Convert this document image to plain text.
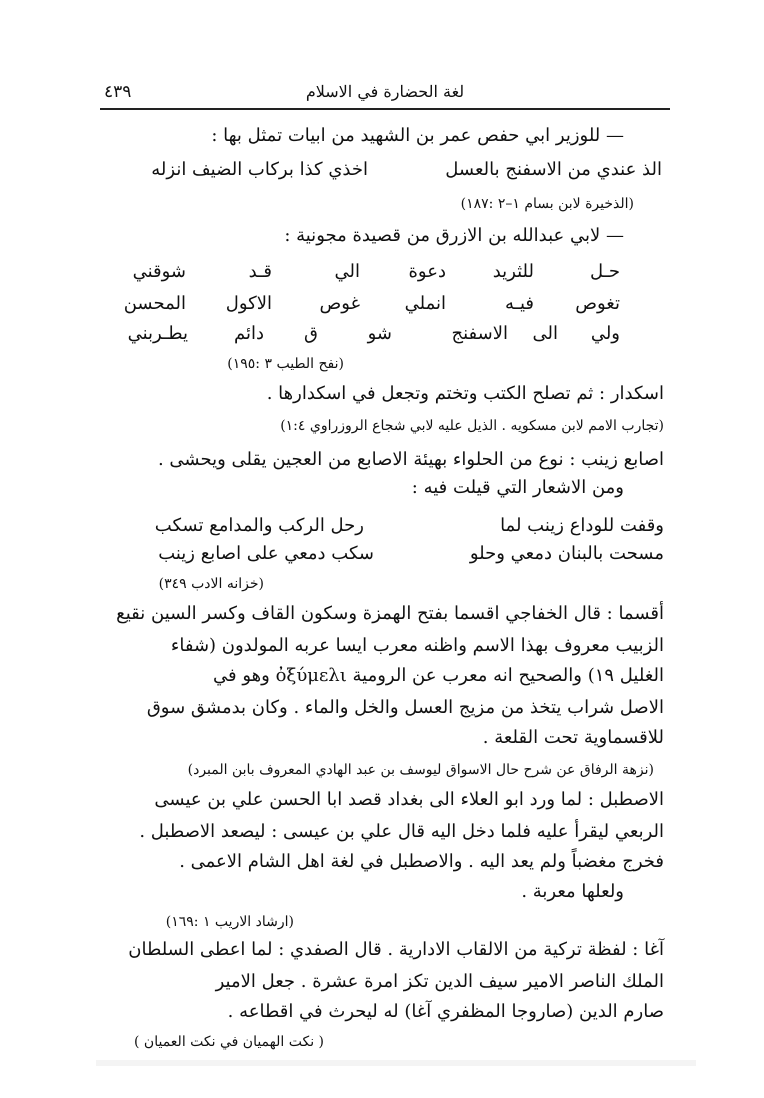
٤٣٩	لغة الحضارة في الاسلام
— للوزير ابي حفص عمر بن الشهيد من ابيات تمثل بها :
الذ عندي من الاسفنج بالعسل
اخذي كذا بركاب الضيف انزله
(الذخيرة لابن بسام ١–٢ :١٨٧)
— لابي عبدالله بن الازرق من قصيدة مجونية :
حـل
للثريد
دعوة
الي
قـد
شوقني
تغوص
فيـه
انملي
غوص
الاكول
المحسن
ولي
الى
الاسفنج
شو
ق
دائم
يطـربني
(نفح الطيب ٣ :١٩٥)
اسكدار : ثم تصلح الكتب وتختم وتجعل في اسكدارها .
(تجارب الامم لابن مسكويه . الذيل عليه لابي شجاع الروزراوي ١:٤)
اصابع زينب : نوع من الحلواء بهيئة الاصابع من العجين يقلى ويحشى .
ومن الاشعار التي قيلت فيه :
وقفت للوداع زينب لما
رحل الركب والمدامع تسكب
مسحت بالبنان دمعي وحلو
سكب دمعي على اصابع زينب
(خزانه الادب ٣٤٩)
أقسما : قال الخفاجي اقسما بفتح الهمزة وسكون القاف وكسر السين نقيع
الزبيب معروف بهذا الاسم واظنه معرب ايسا عربه المولدون (شفاء
الغليل ١٩) والصحيح انه معرب عن الرومية ὀξύμελι وهو في
الاصل شراب يتخذ من مزيج العسل والخل والماء . وكان بدمشق سوق
للاقسماوية تحت القلعة .
(نزهة الرفاق عن شرح حال الاسواق ليوسف بن عبد الهادي المعروف بابن المبرد)
الاصطبل : لما ورد ابو العلاء الى بغداد قصد ابا الحسن علي بن عيسى
الربعي ليقرأ عليه فلما دخل اليه قال علي بن عيسى : ليصعد الاصطبل .
فخرج مغضباً ولم يعد اليه . والاصطبل في لغة اهل الشام الاعمى .
ولعلها معربة .
(ارشاد الاريب ١ :١٦٩)
آغا : لفظة تركية من الالقاب الادارية . قال الصفدي : لما اعطى السلطان
الملك الناصر الامير سيف الدين تكز امرة عشرة . جعل الامير
صارم الدين (صاروجا المظفري آغا) له ليحرث في اقطاعه .
( نكت الهميان في نكت العميان )
